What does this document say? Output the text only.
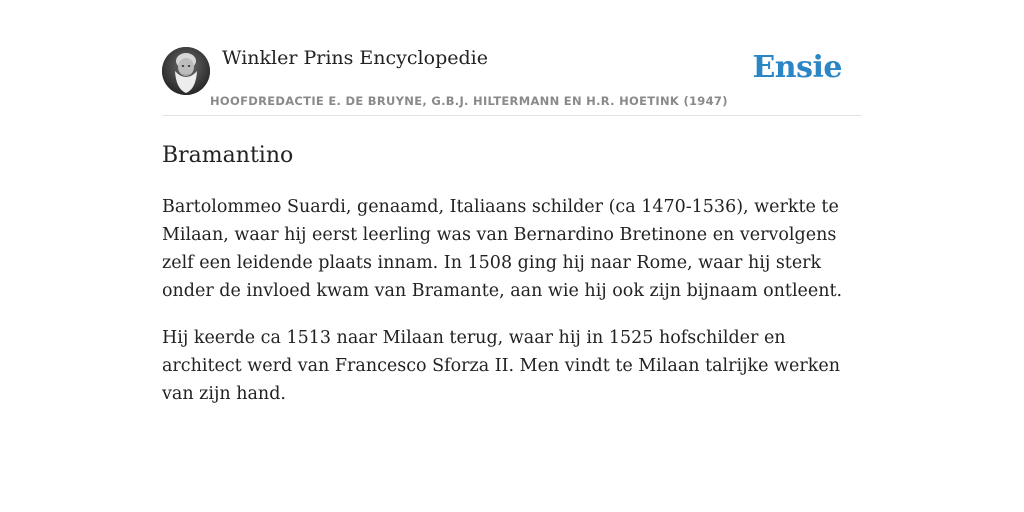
Winkler Prins Encyclopedie
HOOFDREDACTIE E. DE BRUYNE, G.B.J. HILTERMANN EN H.R. HOETINK (1947)
Ensie
Bramantino

Bartolommeo Suardi, genaamd, Italiaans schilder (ca 1470-1536), werkte te Milaan, waar hij eerst leerling was van Bernardino Bretinone en vervolgens zelf een leidende plaats innam. In 1508 ging hij naar Rome, waar hij sterk onder de invloed kwam van Bramante, aan wie hij ook zijn bijnaam ontleent.

Hij keerde ca 1513 naar Milaan terug, waar hij in 1525 hofschilder en architect werd van Francesco Sforza II. Men vindt te Milaan talrijke werken van zijn hand.
